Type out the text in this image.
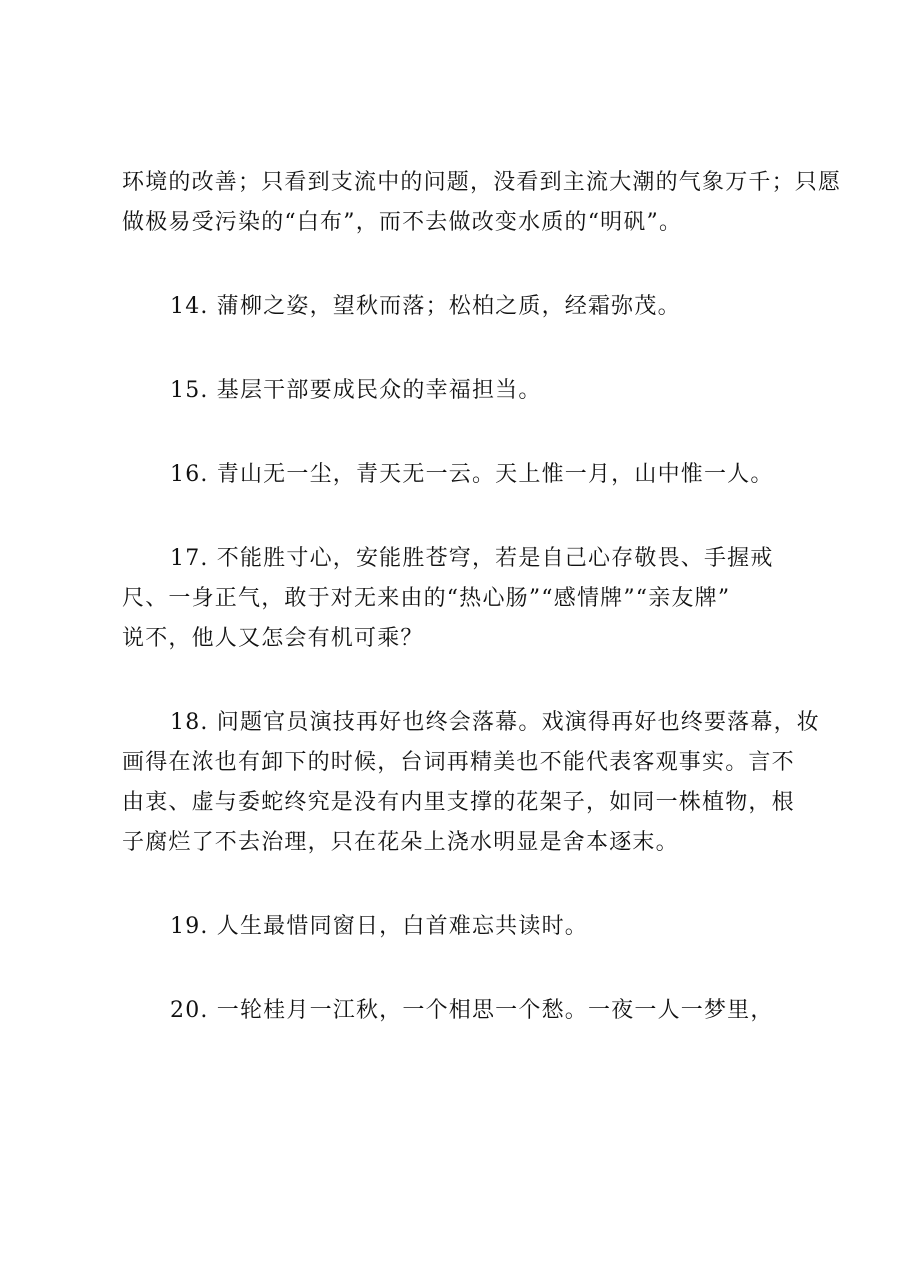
环境的改善；只看到支流中的问题，没看到主流大潮的气象万千；只愿
做极易受污染的“白布”，而不去做改变水质的“明矾”。
14. 蒲柳之姿，望秋而落；松柏之质，经霜弥茂。
15. 基层干部要成民众的幸福担当。
16. 青山无一尘，青天无一云。天上惟一月，山中惟一人。
17. 不能胜寸心，安能胜苍穹，若是自己心存敬畏、手握戒
尺、一身正气，敢于对无来由的“热心肠”“感情牌”“亲友牌”
说不，他人又怎会有机可乘？
18. 问题官员演技再好也终会落幕。戏演得再好也终要落幕，妆
画得在浓也有卸下的时候，台词再精美也不能代表客观事实。言不
由衷、虚与委蛇终究是没有内里支撑的花架子，如同一株植物，根
子腐烂了不去治理，只在花朵上浇水明显是舍本逐末。
19. 人生最惜同窗日，白首难忘共读时。
20. 一轮桂月一江秋，一个相思一个愁。一夜一人一梦里，
